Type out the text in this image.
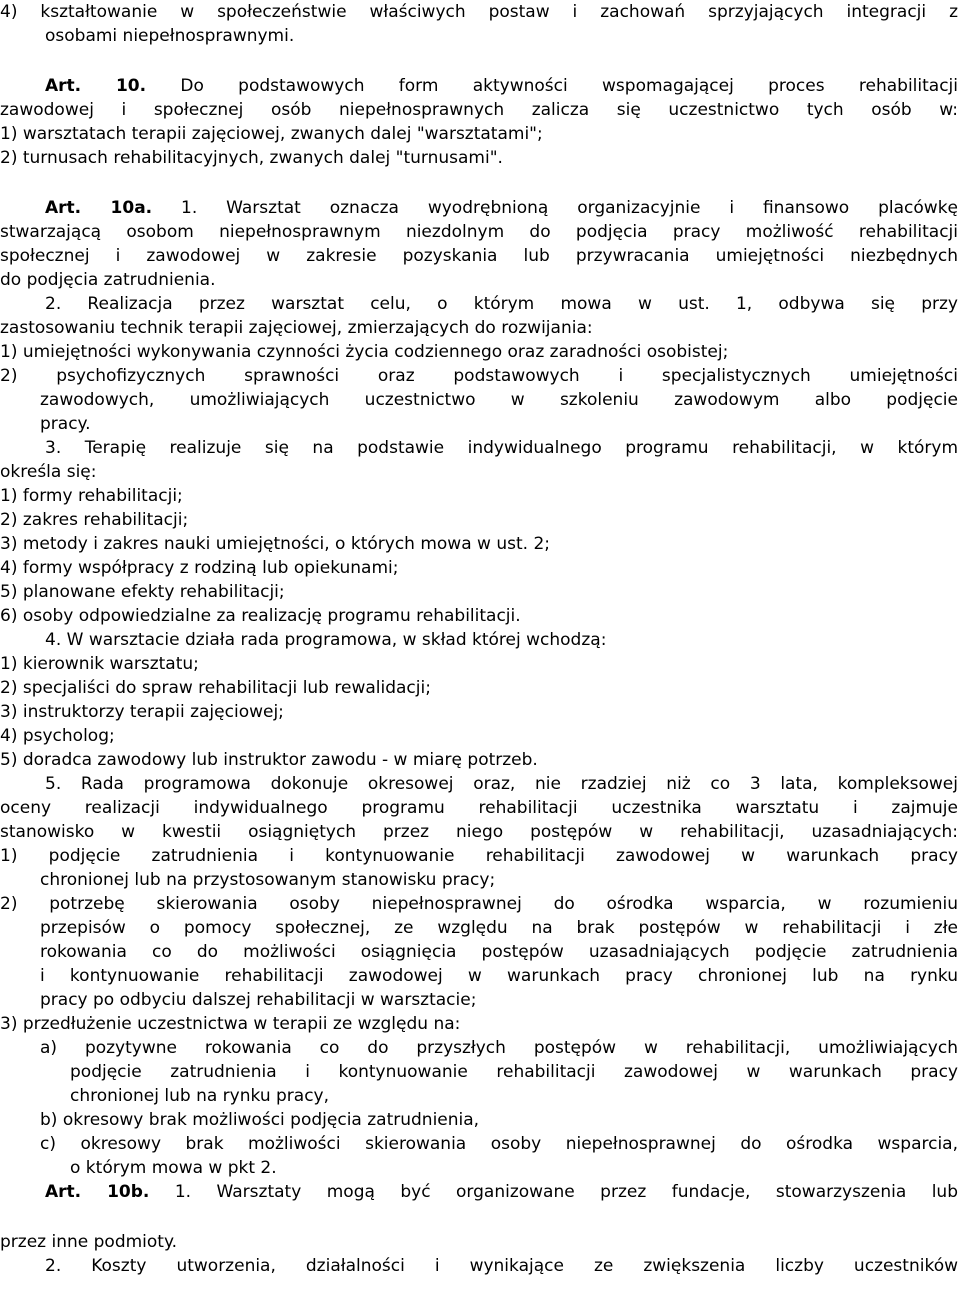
4) kształtowanie w społeczeństwie właściwych postaw i zachowań sprzyjających integracji z
osobami niepełnosprawnymi.
Art. 10. Do podstawowych form aktywności wspomagającej proces rehabilitacji
zawodowej i społecznej osób niepełnosprawnych zalicza się uczestnictwo tych osób w:
1) warsztatach terapii zajęciowej, zwanych dalej "warsztatami";
2) turnusach rehabilitacyjnych, zwanych dalej "turnusami".
Art. 10a. 1. Warsztat oznacza wyodrębnioną organizacyjnie i finansowo placówkę
stwarzającą osobom niepełnosprawnym niezdolnym do podjęcia pracy możliwość rehabilitacji
społecznej i zawodowej w zakresie pozyskania lub przywracania umiejętności niezbędnych
do podjęcia zatrudnienia.
2. Realizacja przez warsztat celu, o którym mowa w ust. 1, odbywa się przy
zastosowaniu technik terapii zajęciowej, zmierzających do rozwijania:
1) umiejętności wykonywania czynności życia codziennego oraz zaradności osobistej;
2) psychofizycznych sprawności oraz podstawowych i specjalistycznych umiejętności
zawodowych, umożliwiających uczestnictwo w szkoleniu zawodowym albo podjęcie
pracy.
3. Terapię realizuje się na podstawie indywidualnego programu rehabilitacji, w którym
określa się:
1) formy rehabilitacji;
2) zakres rehabilitacji;
3) metody i zakres nauki umiejętności, o których mowa w ust. 2;
4) formy współpracy z rodziną lub opiekunami;
5) planowane efekty rehabilitacji;
6) osoby odpowiedzialne za realizację programu rehabilitacji.
4. W warsztacie działa rada programowa, w skład której wchodzą:
1) kierownik warsztatu;
2) specjaliści do spraw rehabilitacji lub rewalidacji;
3) instruktorzy terapii zajęciowej;
4) psycholog;
5) doradca zawodowy lub instruktor zawodu - w miarę potrzeb.
5. Rada programowa dokonuje okresowej oraz, nie rzadziej niż co 3 lata, kompleksowej
oceny realizacji indywidualnego programu rehabilitacji uczestnika warsztatu i zajmuje
stanowisko w kwestii osiągniętych przez niego postępów w rehabilitacji, uzasadniających:
1) podjęcie zatrudnienia i kontynuowanie rehabilitacji zawodowej w warunkach pracy
chronionej lub na przystosowanym stanowisku pracy;
2) potrzebę skierowania osoby niepełnosprawnej do ośrodka wsparcia, w rozumieniu
przepisów o pomocy społecznej, ze względu na brak postępów w rehabilitacji i złe
rokowania co do możliwości osiągnięcia postępów uzasadniających podjęcie zatrudnienia
i kontynuowanie rehabilitacji zawodowej w warunkach pracy chronionej lub na rynku
pracy po odbyciu dalszej rehabilitacji w warsztacie;
3) przedłużenie uczestnictwa w terapii ze względu na:
a) pozytywne rokowania co do przyszłych postępów w rehabilitacji, umożliwiających
podjęcie zatrudnienia i kontynuowanie rehabilitacji zawodowej w warunkach pracy
chronionej lub na rynku pracy,
b) okresowy brak możliwości podjęcia zatrudnienia,
c) okresowy brak możliwości skierowania osoby niepełnosprawnej do ośrodka wsparcia,
o którym mowa w pkt 2.
Art. 10b. 1. Warsztaty mogą być organizowane przez fundacje, stowarzyszenia lub
przez inne podmioty.
2. Koszty utworzenia, działalności i wynikające ze zwiększenia liczby uczestników
